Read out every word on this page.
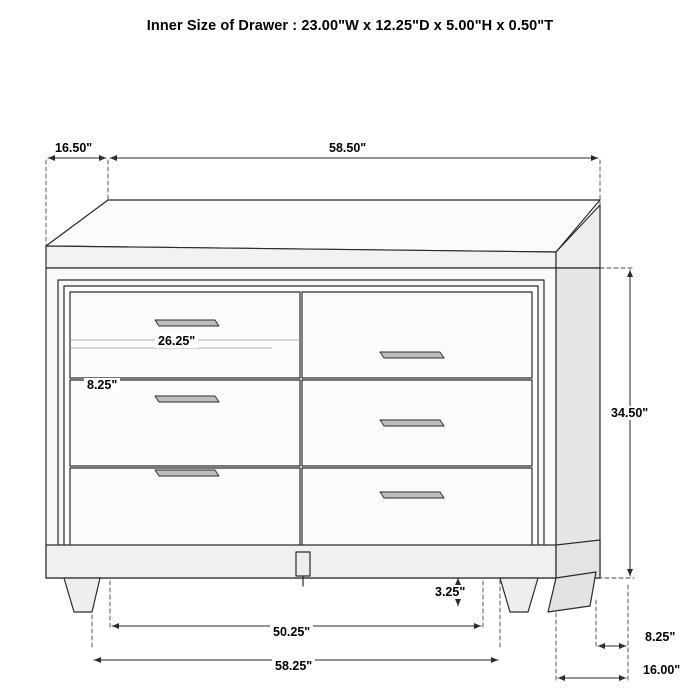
Inner Size of Drawer : 23.00"W x 12.25"D x 5.00"H x 0.50"T
16.50"	58.50"
26.25"
8.25"
34.50"
3.25"
50.25"
58.25"
8.25"
16.00"
